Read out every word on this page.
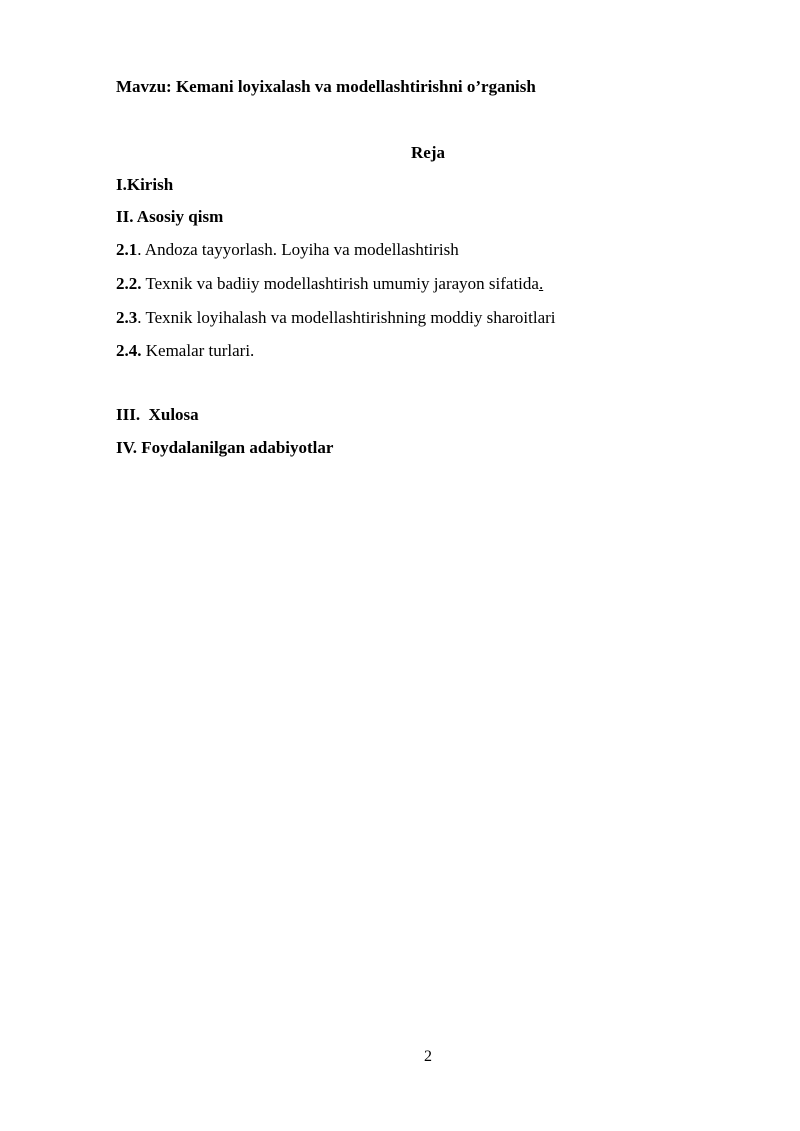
Mavzu: Kemani loyixalash va modellashtirishni o’rganish
Reja
I.Kirish
II. Asosiy qism
2.1. Andoza tayyorlash. Loyiha va modellashtirish
2.2. Texnik va badiiy modellashtirish umumiy jarayon sifatida.
2.3. Texnik loyihalash va modellashtirishning moddiy sharoitlari
2.4. Kemalar turlari.
III.  Xulosa
IV. Foydalanilgan adabiyotlar
2
